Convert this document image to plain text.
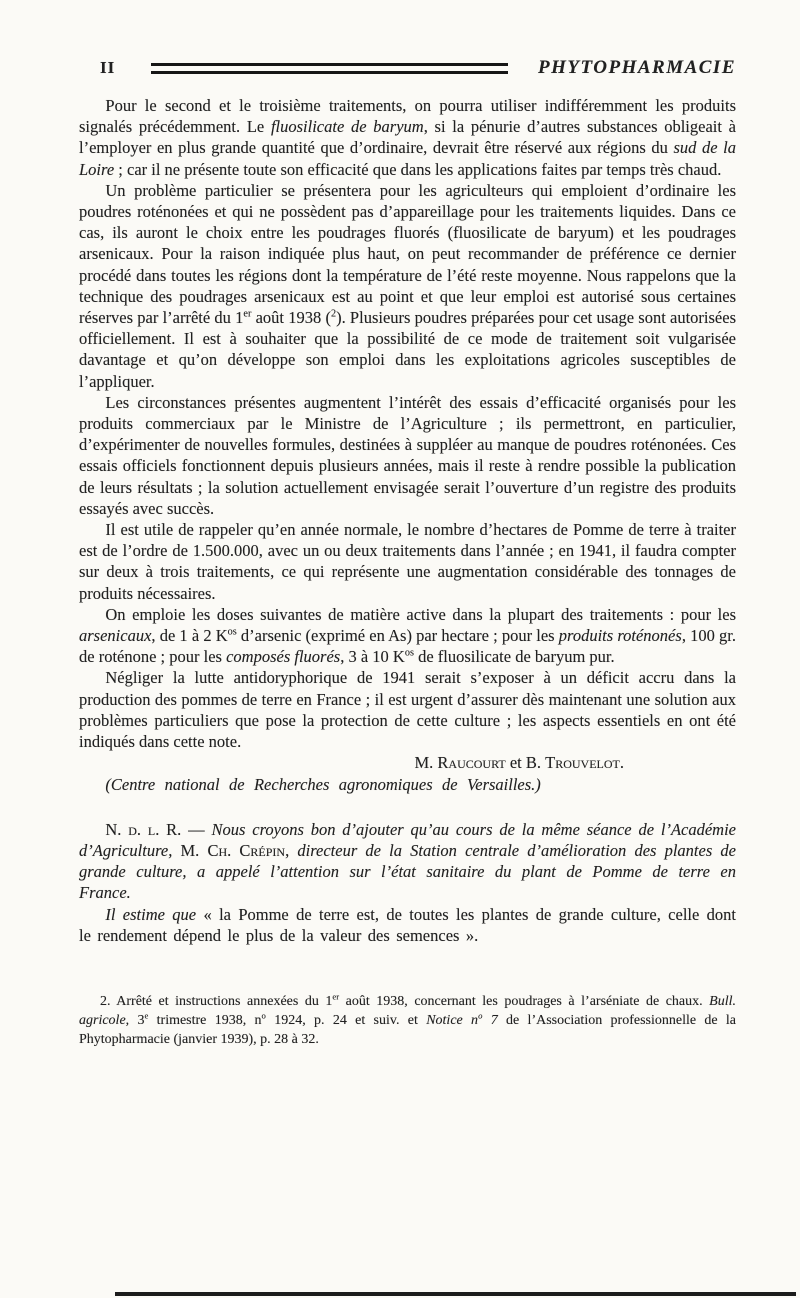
II	PHYTOPHARMACIE

Pour le second et le troisième traitements, on pourra utiliser indifféremment les produits signalés précédemment. Le fluosilicate de baryum, si la pénurie d’autres substances obligeait à l’employer en plus grande quantité que d’ordinaire, devrait être réservé aux régions du sud de la Loire ; car il ne présente toute son efficacité que dans les applications faites par temps très chaud.

Un problème particulier se présentera pour les agriculteurs qui emploient d’ordinaire les poudres roténonées et qui ne possèdent pas d’appareillage pour les traitements liquides. Dans ce cas, ils auront le choix entre les poudrages fluorés (fluosilicate de baryum) et les poudrages arsenicaux. Pour la raison indiquée plus haut, on peut recommander de préférence ce dernier procédé dans toutes les régions dont la température de l’été reste moyenne. Nous rappelons que la technique des poudrages arsenicaux est au point et que leur emploi est autorisé sous certaines réserves par l’arrêté du 1er août 1938 ($^2$). Plusieurs poudres préparées pour cet usage sont autorisées officiellement. Il est à souhaiter que la possibilité de ce mode de traitement soit vulgarisée davantage et qu’on développe son emploi dans les exploitations agricoles susceptibles de l’appliquer.

Les circonstances présentes augmentent l’intérêt des essais d’efficacité organisés pour les produits commerciaux par le Ministre de l’Agriculture ; ils permettront, en particulier, d’expérimenter de nouvelles formules, destinées à suppléer au manque de poudres roténonées. Ces essais officiels fonctionnent depuis plusieurs années, mais il reste à rendre possible la publication de leurs résultats ; la solution actuellement envisagée serait l’ouverture d’un registre des produits essayés avec succès.

Il est utile de rappeler qu’en année normale, le nombre d’hectares de Pomme de terre à traiter est de l’ordre de 1.500.000, avec un ou deux traitements dans l’année ; en 1941, il faudra compter sur deux à trois traitements, ce qui représente une augmentation considérable des tonnages de produits nécessaires.

On emploie les doses suivantes de matière active dans la plupart des traitements : pour les arsenicaux, de 1 à 2 $K^{os}$ d’arsenic (exprimé en As) par hectare ; pour les produits roténonés, 100 gr. de roténone ; pour les composés fluorés, 3 à 10 $K^{os}$ de fluosilicate de baryum pur.

Négliger la lutte antidoryphorique de 1941 serait s’exposer à un déficit accru dans la production des pommes de terre en France ; il est urgent d’assurer dès maintenant une solution aux problèmes particuliers que pose la protection de cette culture ; les aspects essentiels en ont été indiqués dans cette note.

M. Raucourt et B. Trouvelot.

(Centre national de Recherches agronomiques de Versailles.)

N. d. l. R. — Nous croyons bon d’ajouter qu’au cours de la même séance de l’Académie d’Agriculture, M. Ch. Crépin, directeur de la Station centrale d’amélioration des plantes de grande culture, a appelé l’attention sur l’état sanitaire du plant de Pomme de terre en France.

Il estime que « la Pomme de terre est, de toutes les plantes de grande culture, celle dont le rendement dépend le plus de la valeur des semences ».

2. Arrêté et instructions annexées du 1er août 1938, concernant les poudrages à l’arséniate de chaux. Bull. agricole, 3e trimestre 1938, $n^o$ 1924, p. 24 et suiv. et Notice $n^o$ 7 de l’Association professionnelle de la Phytopharmacie (janvier 1939), p. 28 à 32.
